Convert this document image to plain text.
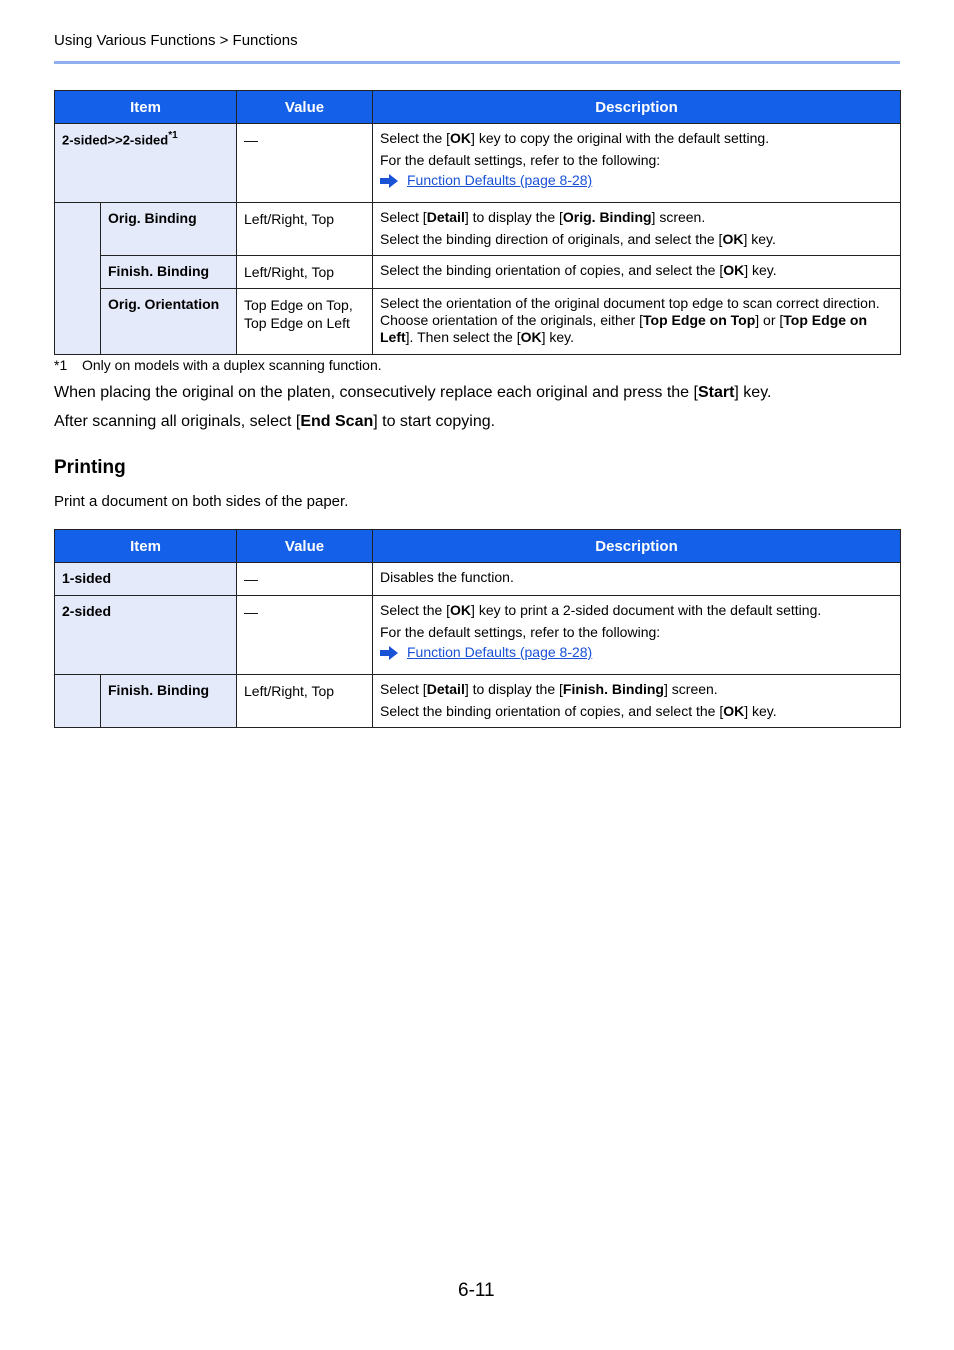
Using Various Functions > Functions
Item		Value	Description
2-sided>>2-sided$^{*1}$		—	Select the [OK] key to copy the original with the default setting.

For the default settings, refer to the following:

Function Defaults (page 8-28)

	Orig. Binding	Left/Right, Top	Select [Detail] to display the [Orig. Binding] screen.

Select the binding direction of originals, and select the [OK] key.

	Finish. Binding	Left/Right, Top	Select the binding orientation of copies, and select the [OK] key.

	Orig. Orientation	Top Edge on Top,
Top Edge on Left	Select the orientation of the original document top edge to scan correct direction. Choose orientation of the originals, either [Top Edge on Top] or [Top Edge on Left]. Then select the [OK] key.

*1 Only on models with a duplex scanning function.
When placing the original on the platen, consecutively replace each original and press the [Start] key.
After scanning all originals, select [End Scan] to start copying.
Printing
Print a document on both sides of the paper.
Item		Value	Description
1-sided		—	Disables the function.

2-sided		—	Select the [OK] key to print a 2-sided document with the default setting.

For the default settings, refer to the following:

Function Defaults (page 8-28)

	Finish. Binding	Left/Right, Top	Select [Detail] to display the [Finish. Binding] screen.

Select the binding orientation of copies, and select the [OK] key.

6-11
